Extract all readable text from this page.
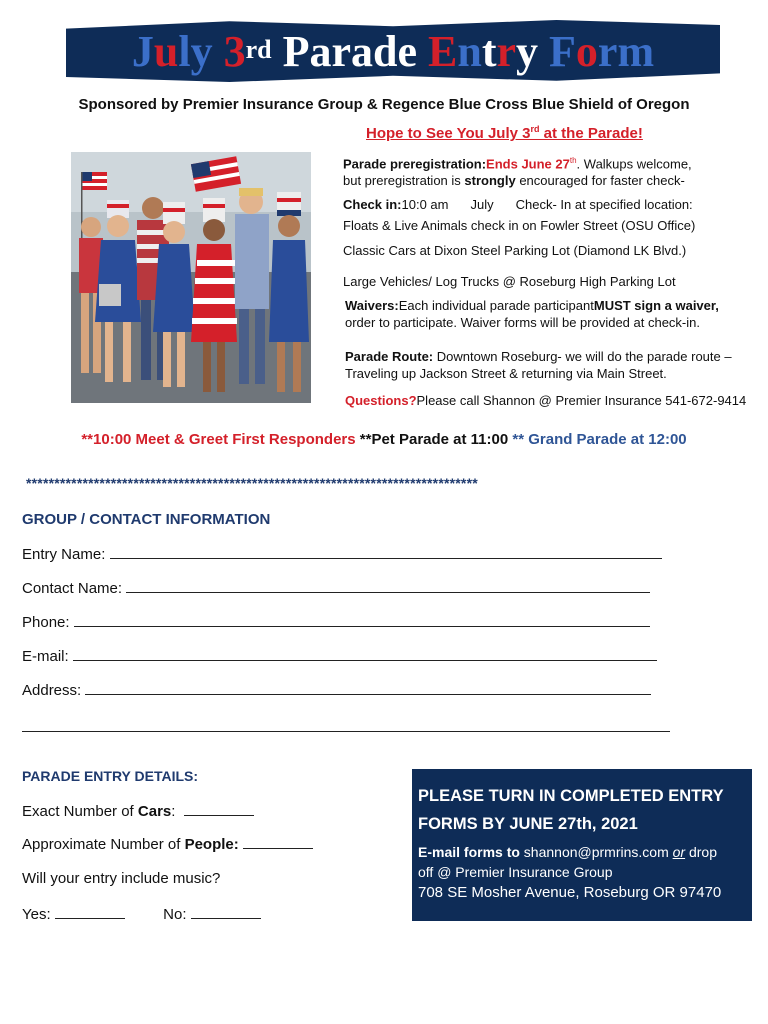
July 3rd Parade Entry Form
Sponsored by Premier Insurance Group & Regence Blue Cross Blue Shield of Oregon
Hope to See You July 3rd at the Parade!
Parade preregistration:Ends June 27th. Walkups welcome,
but preregistration is strongly encouraged for faster check-
Check in:10:0 am July Check- In at specified location:
Floats & Live Animals check in on Fowler Street (OSU Office)
Classic Cars at Dixon Steel Parking Lot (Diamond LK Blvd.)
Large Vehicles/ Log Trucks @ Roseburg High Parking Lot
Waivers:Each individual parade participantMUST sign a waiver,
order to participate. Waiver forms will be provided at check-in.
Parade Route: Downtown Roseburg- we will do the parade route –
Traveling up Jackson Street & returning via Main Street.
Questions?Please call Shannon @ Premier Insurance 541-672-9414
**10:00 Meet & Greet First Responders **Pet Parade at 11:00 ** Grand Parade at 12:00
********************************************************************************
GROUP / CONTACT INFORMATION
Entry Name:
Contact Name:
Phone:
E-mail:
Address:
PARADE ENTRY DETAILS:
Exact Number of Cars:
Approximate Number of People:
Will your entry include music?
Yes:	No:
PLEASE TURN IN COMPLETED ENTRY
FORMS BY JUNE 27th, 2021
E-mail forms to shannon@prmrins.com or drop
off @ Premier Insurance Group
708 SE Mosher Avenue, Roseburg OR 97470
